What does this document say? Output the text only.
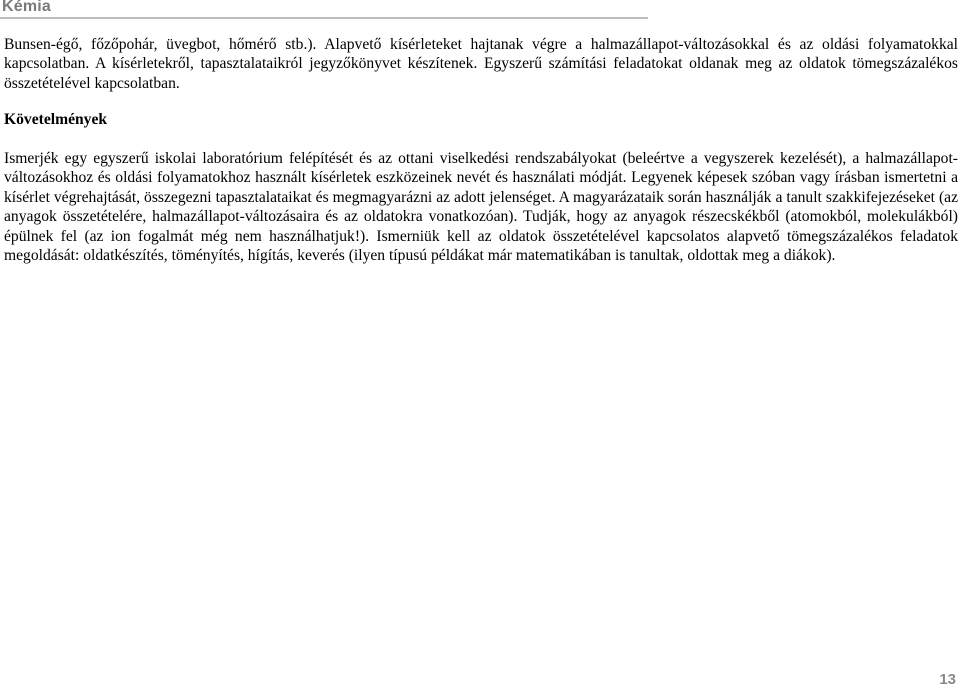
Kémia

Bunsen-égő, főzőpohár, üvegbot, hőmérő stb.). Alapvető kísérleteket hajtanak végre a halmazállapot-változásokkal és az oldási folyamatokkal kapcsolatban. A kísérletekről, tapasztalataikról jegyzőkönyvet készítenek. Egyszerű számítási feladatokat oldanak meg az oldatok tömegszázalékos összetételével kapcsolatban.

Követelmények

Ismerjék egy egyszerű iskolai laboratórium felépítését és az ottani viselkedési rendszabályokat (beleértve a vegyszerek kezelését), a halmazállapot-változásokhoz és oldási folyamatokhoz használt kísérletek eszközeinek nevét és használati módját. Legyenek képesek szóban vagy írásban ismertetni a kísérlet végrehajtását, összegezni tapasztalataikat és megmagyarázni az adott jelenséget. A magyarázataik során használják a tanult szakkifejezéseket (az anyagok összetételére, halmazállapot-változásaira és az oldatokra vonatkozóan). Tudják, hogy az anyagok részecskékből (atomokból, molekulákból) épülnek fel (az ion fogalmát még nem használhatjuk!). Ismerniük kell az oldatok összetételével kapcsolatos alapvető tömegszázalékos feladatok megoldását: oldatkészítés, töményítés, hígítás, keverés (ilyen típusú példákat már matematikában is tanultak, oldottak meg a diákok).

13
